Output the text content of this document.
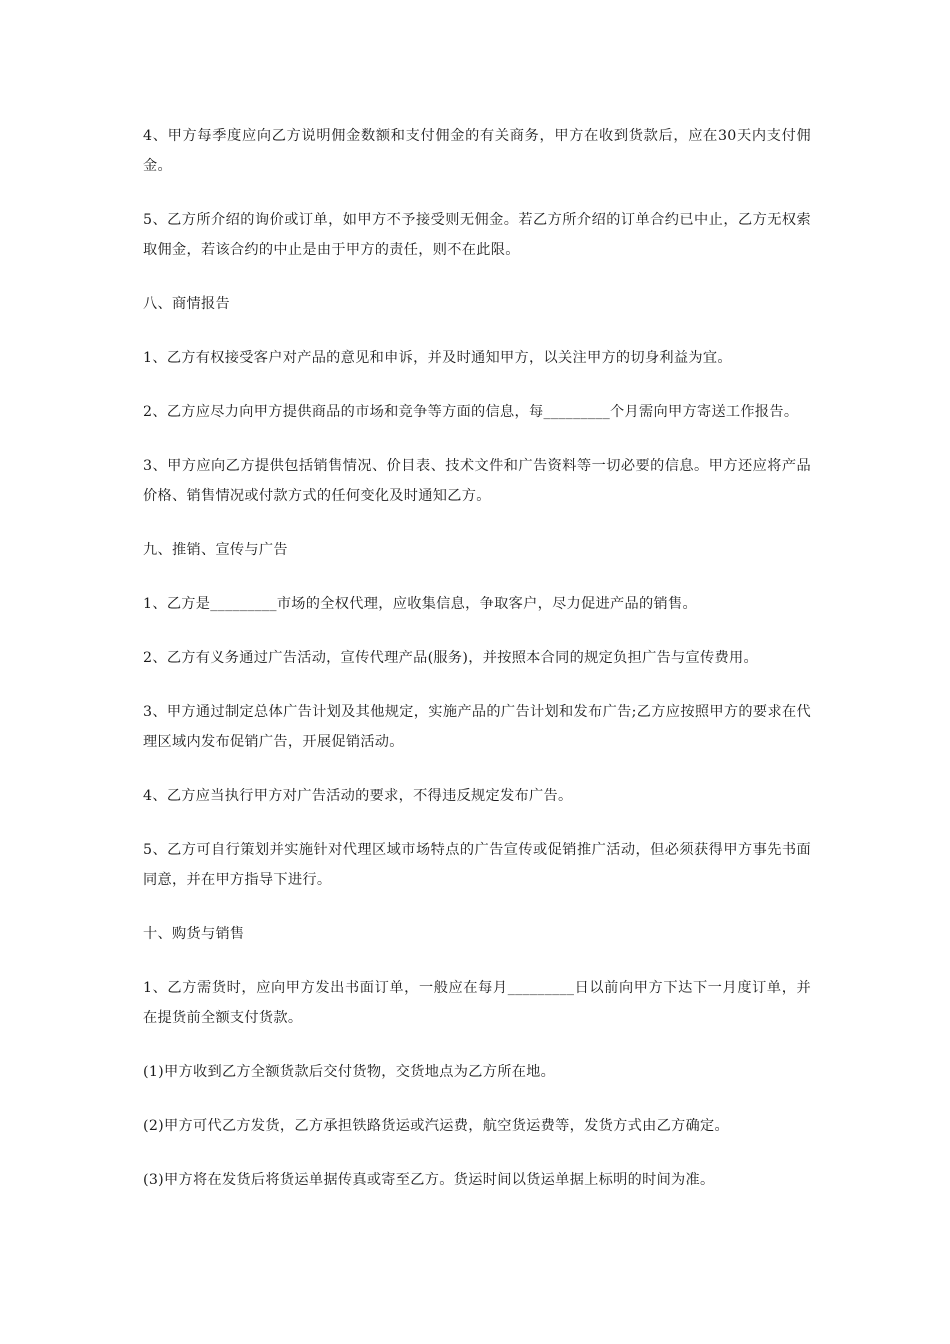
4、甲方每季度应向乙方说明佣金数额和支付佣金的有关商务，甲方在收到货款后，应在30天内支付佣金。

5、乙方所介绍的询价或订单，如甲方不予接受则无佣金。若乙方所介绍的订单合约已中止，乙方无权索取佣金，若该合约的中止是由于甲方的责任，则不在此限。

八、商情报告

1、乙方有权接受客户对产品的意见和申诉，并及时通知甲方，以关注甲方的切身利益为宜。

2、乙方应尽力向甲方提供商品的市场和竞争等方面的信息，每_________个月需向甲方寄送工作报告。

3、甲方应向乙方提供包括销售情况、价目表、技术文件和广告资料等一切必要的信息。甲方还应将产品价格、销售情况或付款方式的任何变化及时通知乙方。

九、推销、宣传与广告

1、乙方是_________市场的全权代理，应收集信息，争取客户，尽力促进产品的销售。

2、乙方有义务通过广告活动，宣传代理产品(服务)，并按照本合同的规定负担广告与宣传费用。

3、甲方通过制定总体广告计划及其他规定，实施产品的广告计划和发布广告;乙方应按照甲方的要求在代理区域内发布促销广告，开展促销活动。

4、乙方应当执行甲方对广告活动的要求，不得违反规定发布广告。

5、乙方可自行策划并实施针对代理区域市场特点的广告宣传或促销推广活动，但必须获得甲方事先书面同意，并在甲方指导下进行。

十、购货与销售

1、乙方需货时，应向甲方发出书面订单，一般应在每月_________日以前向甲方下达下一月度订单，并在提货前全额支付货款。

(1)甲方收到乙方全额货款后交付货物，交货地点为乙方所在地。

(2)甲方可代乙方发货，乙方承担铁路货运或汽运费，航空货运费等，发货方式由乙方确定。

(3)甲方将在发货后将货运单据传真或寄至乙方。货运时间以货运单据上标明的时间为准。
